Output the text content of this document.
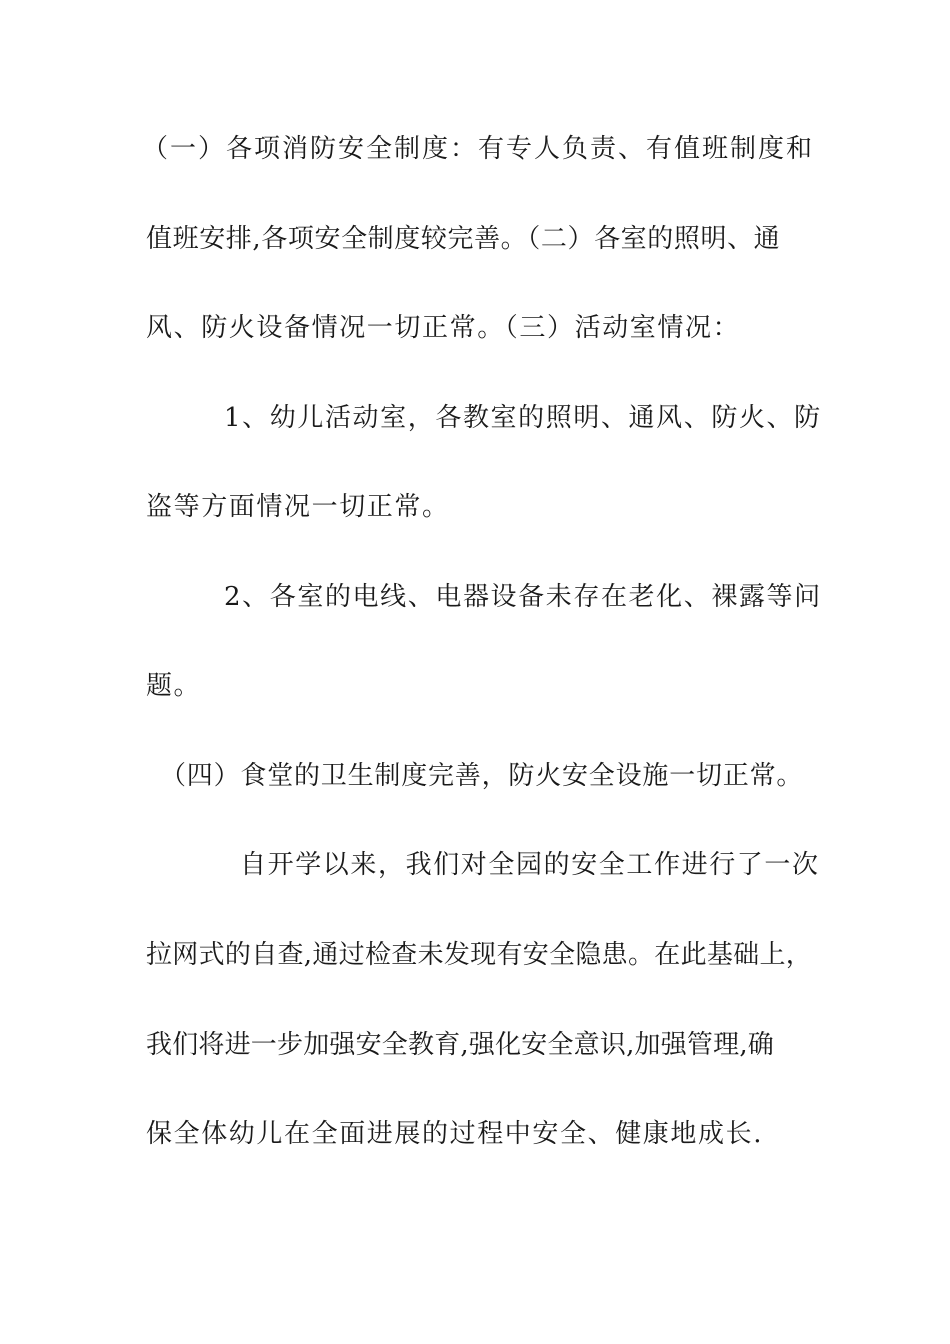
（一）各项消防安全制度：有专人负责、有值班制度和
值班安排,各项安全制度较完善。（二）各室的照明、通
风、防火设备情况一切正常。（三）活动室情况：
1、幼儿活动室，各教室的照明、通风、防火、防
盗等方面情况一切正常。
2、各室的电线、电器设备未存在老化、裸露等问
题。
（四）食堂的卫生制度完善，防火安全设施一切正常。
自开学以来，我们对全园的安全工作进行了一次
拉网式的自查,通过检查未发现有安全隐患。在此基础上，
我们将进一步加强安全教育,强化安全意识,加强管理,确
保全体幼儿在全面进展的过程中安全、健康地成长.
